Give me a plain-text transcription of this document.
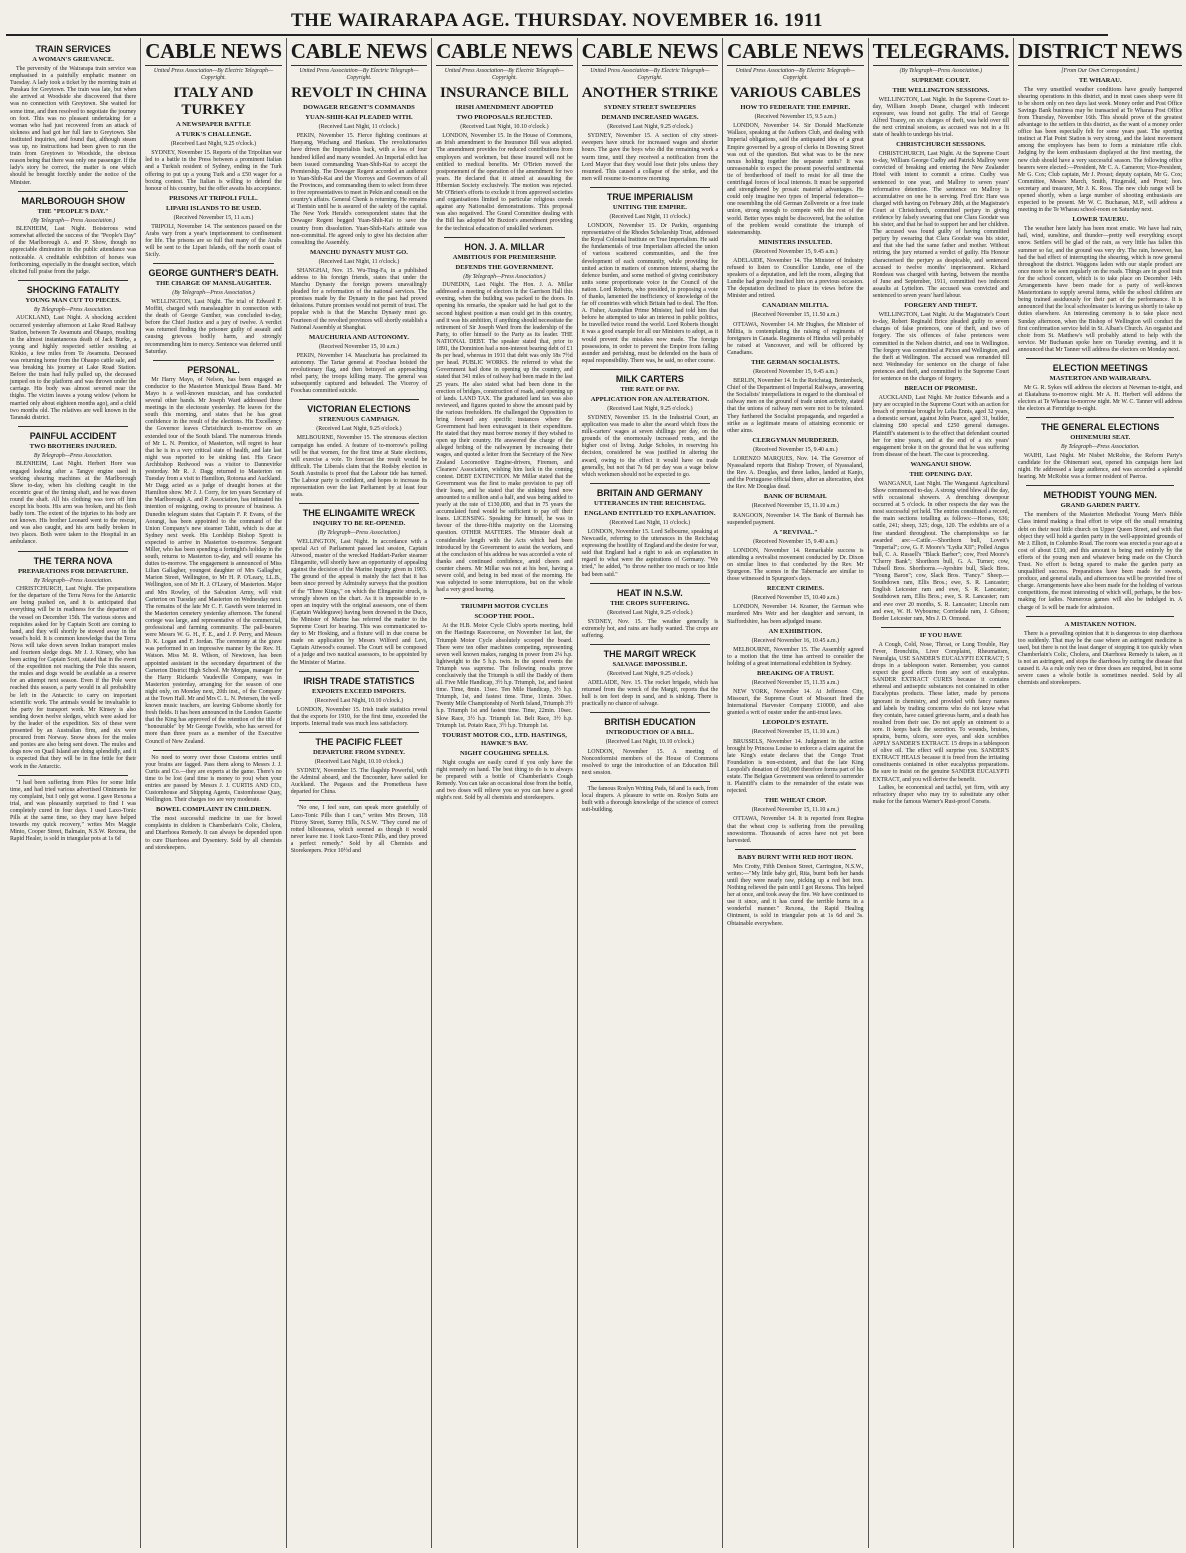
THE WAIRARAPA AGE. THURSDAY. NOVEMBER 16. 1911
TRAIN SERVICES
A WOMAN'S GRIEVANCE.
The perversity of the Wairarapa train service was emphasised in a painfully emphatic manner on Tuesday. A lady took a ticket by the morning train at Purakau for Greytown. The train was late, but when she arrived at Woodside she discovered that there was no connection with Greytown. She waited for some time, and then resolved to negotiate the journey on foot. This was no pleasant undertaking for a woman who had just recovered from an attack of sickness and had got her full fare to Greytown. She instituted inquiries, and found that, although steam was up, no instructions had been given to run the train from Greytown to Woodside, the obvious reason being that there was only one passenger. If the lady's story be correct, the matter is one which should be brought forcibly under the notice of the Minister.
MARLBOROUGH SHOW
THE "PEOPLE'S DAY."
(By Telegraph— Press Association.)
BLENHEIM, Last Night. Boisterous wind somewhat affected the success of the "People's Day" of the Marlborough A. and P. Show, though no appreciable diminution in the public attendance was noticeable. A creditable exhibition of horses was forthcoming, especially in the draught section, which elicited full praise from the judge.
SHOCKING FATALITY
YOUNG MAN CUT TO PIECES.
By Telegraph—Press Association.
AUCKLAND, Last Night. A shocking accident occurred yesterday afternoon at Lake Road Railway Station, between Te Awamutu and Ohaupo, resulting in the almost instantaneous death of Jack Burke, a young and highly respected settler residing at Kiokio, a few miles from Te Awamutu. Deceased was returning home from the Ohaupo cattle sale, and was breaking his journey at Lake Road Station. Before the train had fully pulled up, the deceased jumped on to the platform and was thrown under the carriage. His body was almost severed near the thighs. The victim leaves a young widow (whom he married only about eighteen months ago), and a child two months old. The relatives are well known in the Taranaki district.
PAINFUL ACCIDENT
TWO BROTHERS INJURED.
By Telegraph—Press Association.
BLENHEIM, Last Night. Herbert Hore was engaged looking after a Tangye engine used in working shearing machines at the Marlborough Show to-day, when his clothing caught in the eccentric gear of the timing shaft, and he was drawn round the shaft. All his clothing was torn off him except his boots. His arm was broken, and his flesh badly torn. The extent of the injuries to his body are not known. His brother Leonard went to the rescue, and was also caught, and his arm badly broken in two places. Both were taken to the Hospital in an ambulance.
THE TERRA NOVA
PREPARATIONS FOR DEPARTURE.
By Telegraph—Press Association.
CHRISTCHURCH, Last Night. The preparations for the departure of the Terra Nova for the Antarctic are being pushed on, and it is anticipated that everything will be in readiness for the departure of the vessel on December 15th. The various stores and requisites asked for by Captain Scott are coming to hand, and they will shortly be stowed away in the vessel's hold. It is common knowledge that the Terra Nova will take down seven Indian transport mules and fourteen sledge dogs. Mr J. J. Kinsey, who has been acting for Captain Scott, stated that in the event of the expedition not reaching the Pole this season, the mules and dogs would be available as a reserve for an attempt next season. Even if the Pole were reached this season, a party would in all probability be left in the Antarctic to carry on important scientific work. The animals would be invaluable to the party for transport work. Mr Kinsey is also sending down twelve sledges, which were asked for by the leader of the expedition. Six of these were presented by an Australian firm, and six were procured from Norway. Snow shoes for the mules and ponies are also being sent down. The mules and dogs now on Quail Island are doing splendidly, and it is expected that they will be in fine fettle for their work in the Antarctic.
"I had been suffering from Piles for some little time, and had tried various advertised Ointments for my complaint, but I only got worse. I gave Rexona a trial, and was pleasantly surprised to find I was completely cured in four days. I used Laxo-Tonic Pills at the same time, so they may have helped towards my quick recovery," writes Mrs Maggie Minto, Cooper Street, Balmain, N.S.W. Rexona, the Rapid Healer, is sold in triangular pots at 1s 6d
CABLE NEWS
United Press Association—By Electric Telegraph—Copyright.
ITALY AND TURKEY
A NEWSPAPER BATTLE
A TURK'S CHALLENGE.
(Received Last Night, 9.25 o'clock.)
SYDNEY, November 15. Reports of the Tripolitan war led to a battle in the Press between a prominent Italian and a Turkish resident of Sydney, ending in the Turk offering to put up a young Turk and a £50 wager for a boxing contest. The Italian is willing to defend the honour of his country, but the offer awaits his acceptance.
PRISONS AT TRIPOLI FULL.
LIPARI ISLANDS TO BE USED.
(Received November 15, 11 a.m.)
TRIPOLI, November 14. The sentences passed on the Arabs vary from a year's imprisonment to confinement for life. The prisons are so full that many of the Arabs will be sent to the Lipari Islands, off the north coast of Sicily.
GEORGE GUNTHER'S DEATH.
THE CHARGE OF MANSLAUGHTER.
(By Telegraph—Press Association.)
WELLINGTON, Last Night. The trial of Edward F. Moffitt, charged with manslaughter in connection with the death of George Gunther, was concluded to-day, before the Chief Justice and a jury of twelve. A verdict was returned finding the prisoner guilty of assault and causing grievous bodily harm, and strongly recommending him to mercy. Sentence was deferred until Saturday.
PERSONAL.
Mr Harry Mayo, of Nelson, has been engaged as conductor to the Masterton Municipal Brass Band. Mr Mayo is a well-known musician, and has conducted several other bands. Mr Joseph Ward addressed three meetings in the electorate yesterday. He leaves for the south this morning, and states that he has great confidence in the result of the elections. His Excellency the Governor leaves Christchurch to-morrow on an extended tour of the South Island. The numerous friends of Mr L. N. Prentice, of Masterton, will regret to hear that he is in a very critical state of health, and late last night was reported to be sinking fast. His Grace Archbishop Redwood was a visitor to Dannevirke yesterday. Mr R. J. Dagg returned to Masterton on Tuesday from a visit to Hamilton, Rotorua and Auckland. Mr Dagg acted as a judge of draught horses at the Hamilton show. Mr J. J. Corry, for ten years Secretary of the Marlborough A. and P. Association, has intimated his intention of resigning, owing to pressure of business. A Dunedin telegram states that Captain F. P. Evans, of the Aorangi, has been appointed to the command of the Union Company's new steamer Tahiti, which is due at Sydney next week. His Lordship Bishop Sprott is expected to arrive in Masterton to-morrow. Sergeant Miller, who has been spending a fortnight's holiday in the south, returns to Masterton to-day, and will resume his duties to-morrow. The engagement is announced of Miss Lilian Gallagher, youngest daughter of Mrs Gallagher, Marion Street, Wellington, to Mr H. P. O'Leary, LL.B., Wellington, son of Mr H. J. O'Leary, of Masterton. Major and Mrs Rowley, of the Salvation Army, will visit Carterton on Tuesday and Masterton on Wednesday next. The remains of the late Mr C. F. Gawith were interred in the Masterton cemetery yesterday afternoon. The funeral cortege was large, and representative of the commercial, professional and farming community. The pall-bearers were Messrs W. G. H., F. E., and J. P. Perry, and Messrs D. K. Logan and F. Jordan. The ceremony at the grave was performed in an impressive manner by the Rev. H. Watson. Miss M. R. Wilson, of Newtown, has been appointed assistant in the secondary department of the Carterton District High School. Mr Morgan, manager for the Harry Rickards Vaudeville Company, was in Masterton yesterday, arranging for the season of one night only, on Monday next, 20th inst., of the Company at the Town Hall. Mr and Mrs C. L. N. Petersen, the well-known music teachers, are leaving Gisborne shortly for fresh fields. It has been announced in the London Gazette that the King has approved of the retention of the title of "honourable" by Mr George Fowlds, who has served for more than three years as a member of the Executive Council of New Zealand.
No need to worry over those Customs entries until your brains are fagged. Pass them along to Messrs J. J. Curtis and Co.—they are experts at the game. There's no time to be lost (and time is money to you) when your entries are passed by Messrs J. J. CURTIS AND CO., Customhouse and Shipping Agents, Customhouse Quay, Wellington. Their charges too are very moderate.
BOWEL COMPLAINT IN CHILDREN.
The most successful medicine in use for bowel complaints in children is Chamberlain's Colic, Cholera, and Diarrhoea Remedy. It can always be depended upon to cure Diarrhoea and Dysentery. Sold by all chemists and storekeepers.
CABLE NEWS
United Press Association—By Electric Telegraph—Copyright.
REVOLT IN CHINA
DOWAGER REGENT'S COMMANDS
YUAN-SHIH-KAI PLEADED WITH.
(Received Last Night, 11 o'clock.)
PEKIN, November 15. Fierce fighting continues at Hanyang, Wuchang and Hankau. The revolutionaries have driven the Imperialists back, with a loss of four hundred killed and many wounded. An Imperial edict has been issued commanding Yuan-Shih-Kai to accept the Premiership. The Dowager Regent accorded an audience to Yuan-Shih-Kai and the Viceroys and Governors of all the Provinces, and commanding them to select from three to five representatives to meet in Pekin and consult on the country's affairs. General Chenk is returning. He remains at Tientsin until he is assured of the safety of the capital. The New York Herald's correspondent states that the Dowager Regent begged Yuan-Shih-Kai to save the country from dissolution. Yuan-Shih-Kai's attitude was non-committal. He agreed only to give his decision after consulting the Assembly.
MANCHU DYNASTY MUST GO.
(Received Last Night, 11 o'clock.)
SHANGHAI, Nov. 15. Wu-Ting-Fa, in a published address to his foreign friends, states that under the Manchu Dynasty the foreign powers unavailingly pleaded for a reformation of the national services. The promises made by the Dynasty in the past had proved delusions. Future promises would not permit of trust. The popular wish is that the Manchu Dynasty must go. Fourteen of the revolted provinces will shortly establish a National Assembly at Shanghai.
MAUCHURIA AND AUTONOMY.
(Received November 15, 10 a.m.)
PEKIN, November 14. Mauchuria has proclaimed its autonomy. The Tartar general at Foochau hoisted the revolutionary flag, and then betrayed an approaching rebel party, the troops killing many. The general was subsequently captured and beheaded. The Viceroy of Foochau committed suicide.
VICTORIAN ELECTIONS
STRENUOUS CAMPAIGN.
(Received Last Night, 9.25 o'clock.)
MELBOURNE, November 15. The strenuous election campaign has ended. A feature of to-morrow's polling will be that women, for the first time at State elections, will exercise a vote. To forecast the result would be difficult. The Liberals claim that the Rodsby election in South Australia is proof that the Labour tide has turned. The Labour party is confident, and hopes to increase its representation over the last Parliament by at least four seats.
THE ELINGAMITE WRECK
INQUIRY TO BE RE-OPENED.
(By Telegraph—Press Association.)
WELLINGTON, Last Night. In accordance with a special Act of Parliament passed last session, Captain Attwood, master of the wrecked Huddart-Parker steamer Elingamite, will shortly have an opportunity of appealing against the decision of the Marine Inquiry given in 1903. The ground of the appeal is mainly the fact that it has been since proved by Admiralty surveys that the position of the "Three Kings," on which the Elingamite struck, is wrongly shown on the chart. As it is impossible to re-open an inquiry with the original assessors, one of them (Captain Waldegrave) having been drowned in the Duco, the Minister of Marine has referred the matter to the Supreme Court for hearing. This was communicated to-day to Mr Hosking, and a fixture will in due course be made on application by Messrs Wilford and Levi, Captain Attwood's counsel. The Court will be composed of a judge and two nautical assessors, to be appointed by the Minister of Marine.
IRISH TRADE STATISTICS
EXPORTS EXCEED IMPORTS.
(Received Last Night, 10.10 o'clock.)
LONDON, November 15. Irish trade statistics reveal that the exports for 1910, for the first time, exceeded the imports. Internal trade was much less satisfactory.
THE PACIFIC FLEET
DEPARTURE FROM SYDNEY.
(Received Last Night, 10.10 o'clock.)
SYDNEY, November 15. The flagship Powerful, with the Admiral aboard, and the Encounter, have sailed for Auckland. The Pegasus and the Prometheus have departed for China.
"No one, I feel sure, can speak more gratefully of Laxo-Tonic Pills than I can," writes Mrs Brown, 118 Fitzroy Street, Surrey Hills, N.S.W. "They cured me of rotted biliousness, which seemed as though it would never leave me. I took Laxo-Tonic Pills, and they proved a perfect remedy." Sold by all Chemists and Storekeepers. Price 10½d and
CABLE NEWS
United Press Association—By Electric Telegraph—Copyright.
INSURANCE BILL
IRISH AMENDMENT ADOPTED
TWO PROPOSALS REJECTED.
(Received Last Night, 10.10 o'clock.)
LONDON, November 15. In the House of Commons, an Irish amendment to the Insurance Bill was adopted. The amendment provides for reduced contributions from employers and workmen, but these insured will not be entitled to medical benefits. Mr O'Brien moved the postponement of the operation of the amendment for two years. He declared that it aimed at assaulting the Hibernian Society exclusively. The motion was rejected. Mr O'Brien's efforts to exclude it from approved societies and organisations limited to particular religious creeds against any Nationalist demonstrations. This proposal was also negatived. The Grand Committee dealing with the Bill has adopted Mr Buxton's amendment providing for the technical education of unskilled workmen.
HON. J. A. MILLAR
AMBITIOUS FOR PREMIERSHIP.
DEFENDS THE GOVERNMENT.
(By Telegraph—Press Association.)
DUNEDIN, Last Night. The Hon. J. A. Millar addressed a meeting of electors in the Garrison Hall this evening, when the building was packed to the doors. In opening his remarks, the speaker said he had got to the second highest position a man could get in this country, and it was his ambition, if anything should necessitate the retirement of Sir Joseph Ward from the leadership of the Party, to offer himself to the Party as its leader. THE NATIONAL DEBT. The speaker stated that, prior to 1891, the Dominion had a non-interest bearing debt of £1 8s per head, whereas in 1911 that debt was only 18s 7½d per head. PUBLIC WORKS. He referred to what the Government had done in opening up the country, and stated that 341 miles of railway had been made in the last 25 years. He also stated what had been done in the erection of bridges, construction of roads, and opening up of lands. LAND TAX. The graduated land tax was also reviewed, and figures quoted to show the amount paid by the various freeholders. He challenged the Opposition to bring forward any specific instances where the Government had been extravagant in their expenditure. He stated that they must borrow money if they wished to open up their country. He answered the charge of the alleged bribing of the railwaymen by increasing their wages, and quoted a letter from the Secretary of the New Zealand Locomotive Engine-drivers, Firemen, and Cleaners' Association, wishing him luck in the coming contest. DEBT EXTINCTION. Mr Millar stated that the Government was the first to make provision to pay off their loans, and he stated that the sinking fund now amounted to a million and a half, and was being added to yearly at the rate of £130,000, and that in 75 years the accumulated fund would be sufficient to pay off their loans. LICENSING. Speaking for himself, he was in favour of the three-fifths majority on the Licensing question. OTHER MATTERS. The Minister dealt at considerable length with the Acts which had been introduced by the Government to assist the workers, and at the conclusion of his address he was accorded a vote of thanks and continued confidence, amid cheers and counter cheers. Mr Millar was not at his best, having a severe cold, and being in bed most of the morning. He was subjected to some interruptions, but on the whole had a very good hearing.
TRIUMPH MOTOR CYCLES
SCOOP THE POOL.
At the H.B. Motor Cycle Club's sports meeting, held on the Hastings Racecourse, on November 1st last, the Triumph Motor Cycle absolutely scooped the board. There were ten other machines competing, representing seven well known makes, ranging in power from 2¼ h.p. lightweight to the 5 h.p. twin. In the speed events the Triumph was supreme. The following results prove conclusively that the Triumph is still the Daddy of them all. Five Mile Handicap, 3½ h.p. Triumph, 1st, and fastest time. Time, 8min. 13sec. Ten Mile Handicap, 3½ h.p. Triumph, 1st, and fastest time. Time, 11min. 30sec. Twenty Mile Championship of North Island, Triumph 3½ h.p. Triumph 1st and fastest time. Time, 22min. 10sec. Slow Race, 3½ h.p. Triumph 1st. Belt Race, 3½ h.p. Triumph 1st. Potato Race, 3½ h.p. Triumph 1st.
TOURIST MOTOR CO., LTD. HASTINGS, HAWKE'S BAY.
NIGHT COUGHING SPELLS.
Night coughs are easily cured if you only have the right remedy on hand. The best thing to do is to always be prepared with a bottle of Chamberlain's Cough Remedy. You can take an occasional dose from the bottle, and two doses will relieve you so you can have a good night's rest. Sold by all chemists and storekeepers.
CABLE NEWS
United Press Association—By Electric Telegraph—Copyright.
ANOTHER STRIKE
SYDNEY STREET SWEEPERS
DEMAND INCREASED WAGES.
(Received Last Night, 9.25 o'clock.)
SYDNEY, November 15. A section of city street-sweepers have struck for increased wages and shorter hours. The gave the boys who did the remaining work a warm time, until they received a notification from the Lord Mayor that they would lose their jobs unless they resumed. This caused a collapse of the strike, and the men will resume to-morrow morning.
TRUE IMPERIALISM
UNITING THE EMPIRE.
(Received Last Night, 11 o'clock.)
LONDON, November 15. Dr Parkin, organising representative of the Rhodes Scholarship Trust, addressed the Royal Colonial Institute on True Imperialism. He said the fundamentals of true Imperialism affected the union of various scattered communities, and the free development of each community, while providing for united action in matters of common interest, sharing the defence burden, and some method of giving contributory units some proportionate voice in the Council of the nation. Lord Roberts, who presided, in proposing a vote of thanks, lamented the inefficiency of knowledge of the far off countries with which Britain had to deal. The Hon. A. Fisher, Australian Prime Minister, had told him that before he attempted to take an interest in public politics, he travelled twice round the world. Lord Roberts thought it was a good example for all our Ministers to adopt, as it would prevent the mistakes now made. The foreign possessions, in order to prevent the Empire from falling asunder and perishing, must be defended on the basis of equal responsibility. There was, he said, no other course.
MILK CARTERS
THE RATE OF PAY.
APPLICATION FOR AN ALTERATION.
(Received Last Night, 9.25 o'clock.)
SYDNEY, November 15. In the Industrial Court, an application was made to alter the award which fixes the milk-carters' wages at seven shillings per day, on the grounds of the enormously increased rents, and the higher cost of living. Judge Scholes, in reserving his decision, considered he was justified in altering the award, owing to the effect it would have on trade generally, but not that 7s 6d per day was a wage below which workmen should not be expected to go.
BRITAIN AND GERMANY
UTTERANCES IN THE REICHSTAG.
ENGLAND ENTITLED TO EXPLANATION.
(Received Last Night, 11 o'clock.)
LONDON, November 15. Lord Selbourne, speaking at Newcastle, referring to the utterances in the Reichstag expressing the hostility of England and the desire for war, said that England had a right to ask an explanation in regard to what were the aspirations of Germany. "We tried," he added, "to throw neither too much or too little bad been said."
HEAT IN N.S.W.
THE CROPS SUFFERING.
(Received Last Night, 9.25 o'clock.)
SYDNEY, Nov. 15. The weather generally is extremely hot, and rains are badly wanted. The crops are suffering.
THE MARGIT WRECK
SALVAGE IMPOSSIBLE.
(Received Last Night, 9.25 o'clock.)
ADELAIDE, Nov. 15. The rocket brigade, which has returned from the wreck of the Margit, reports that the hull is ten feet deep in sand, and is sinking. There is practically no chance of salvage.
BRITISH EDUCATION
INTRODUCTION OF A BILL.
(Received Last Night, 10.10 o'clock.)
LONDON, November 15. A meeting of Nonconformist members of the House of Commons resolved to urge the introduction of an Education Bill next session.
The famous Roslyn Writing Pads, 6d and 1s each, from local drapers. A pleasure to write on. Roslyn Suits are built with a thorough knowledge of the science of correct suit-building.
CABLE NEWS
United Press Association—By Electric Telegraph—Copyright.
VARIOUS CABLES
HOW TO FEDERATE THE EMPIRE.
(Received November 15, 9.5 a.m.)
LONDON, November 14. Sir Donald MacKenzie Wallace, speaking at the Authors Club, and dealing with Imperial obligations, said the antiquated idea of a great Empire governed by a group of clerks in Downing Street was out of the question. But what was to be the new nexus holding together the separate units? It was unreasonable to expect the present powerful sentimental tie of brotherhood of itself to resist for all time the centrifugal forces of local interests. It must be supported and strengthened by prosaic material advantages. He could only imagine two types of Imperial federation—one resembling the old German Zollverein or a free trade union, strong enough to compete with the rest of the world. Better types might be discovered, but the solution of the problem would constitute the triumph of statesmanship.
MINISTERS INSULTED.
(Received November 15, 9.45 a.m.)
ADELAIDE, November 14. The Minister of Industry refused to listen to Councillor Lundie, one of the speakers of a deputation, and left the room, alleging that Lundie had grossly insulted him on a previous occasion. The deputation declined to place its views before the Minister and retired.
CANADIAN MILITIA.
(Received November 15, 11.50 a.m.)
OTTAWA, November 14. Mr Hughes, the Minister of Militia, is contemplating the raising of regiments of foreigners in Canada. Regiments of Hindus will probably be raised at Vancouver, and will be officered by Canadians.
THE GERMAN SOCIALISTS.
(Received November 15, 9.45 a.m.)
BERLIN, November 14. In the Reichstag, Bentenbeck, Chief of the Department of Imperial Railways, answering the Socialists' interpellations in regard to the dismissal of railway men on the ground of trade union activity, stated that the unions of railway men were not to be tolerated. They furthered the Socialist propaganda, and regarded a strike as a legitimate means of attaining economic or other aims.
CLERGYMAN MURDERED.
(Received November 15, 9.40 a.m.)
LORENZO MARQUES, Nov. 14. The Governor of Nyassaland reports that Bishop Trower, of Nyassaland, the Rev. A. Douglas, and three ladies, landed at Kanjo, and the Portuguese official there, after an altercation, shot the Rev. Mr Douglas dead.
BANK OF BURMAH.
(Received November 15, 11.10 a.m.)
RANGOON, November 14. The Bank of Burmah has suspended payment.
A "REVIVAL."
(Received November 15, 9.40 a.m.)
LONDON, November 14. Remarkable success is attending a revivalist movement conducted by Dr. Dixon on similar lines to that conducted by the Rev. Mr Spurgeon. The scenes in the Tabernacle are similar to those witnessed in Spurgeon's days.
RECENT CRIMES.
(Received November 15, 10.40 a.m.)
LONDON, November 14. Kramer, the German who murdered Mrs Weir and her daughter and servant, in Staffordshire, has been adjudged insane.
AN EXHIBITION.
(Received November 16, 10.45 a.m.)
MELBOURNE, November 15. The Assembly agreed to a motion that the time has arrived to consider the holding of a great international exhibition in Sydney.
BREAKING OF A TRUST.
(Received November 15, 11.35 a.m.)
NEW YORK, November 14. At Jefferson City, Missouri, the Supreme Court of Missouri fined the International Harvester Company £10000, and also granted a writ of ouster under the anti-trust laws.
LEOPOLD'S ESTATE.
(Received November 15, 11.10 a.m.)
BRUSSELS, November 14. Judgment in the action brought by Princess Louise to enforce a claim against the late King's estate declares that the Congo Trust Foundation is non-existent, and that the late King Leopold's donation of £60,000 therefore forms part of his estate. The Belgian Government was ordered to surrender it. Plaintiff's claim to the remainder of the estate was rejected.
THE WHEAT CROP.
(Received November 15, 11.10 a.m.)
OTTAWA, November 14. It is reported from Regina that the wheat crop is suffering from the prevailing snowstorms. Thousands of acres have not yet been harvested.
BABY BURNT WITH RED HOT IRON.
Mrs Crotty, Fifth Denison Street, Carrington, N.S.W., writes:—"My little baby girl, Rita, burnt both her hands until they were nearly raw, picking up a red hot iron. Nothing relieved the pain until I got Rexona. This helped her at once, and took away the fire. We have continued to use it since, and it has cured the terrible burns in a wonderful manner." Rexona, the Rapid Healing Ointment, is sold in triangular pots at 1s 6d and 3s. Obtainable everywhere.
TELEGRAMS.
(By Telegraph—Press Association.)
SUPREME COURT.
THE WELLINGTON SESSIONS.
WELLINGTON, Last Night. In the Supreme Court to-day, William Joseph Deane, charged with indecent exposure, was found not guilty. The trial of George Alfred Tracey, on six charges of theft, was held over till the next criminal sessions, as accused was not in a fit state of health to undergo his trial.
CHRISTCHURCH SESSIONS.
CHRISTCHURCH, Last Night. At the Supreme Court to-day, William George Cudby and Patrick Mallroy were convicted of breaking and entering the New Zealander Hotel with intent to commit a crime. Cudby was sentenced to one year, and Mallroy to seven years' reformative detention. The sentence on Mallroy is accumulative on one he is serving. Fred Eric Hare was charged with having on February 28th, at the Magistrate's Court at Christchurch, committed perjury in giving evidence by falsely swearing that one Clara Goodair was his sister, and that he had to support her and her children. The accused was found guilty of having committed perjury by swearing that Clara Goodair was his sister, and that she had the same father and mother. Without retiring, the jury returned a verdict of guilty. His Honour characterised the perjury as despicable, and sentenced accused to twelve months' imprisonment. Richard Rondeau was charged with having, between the months of June and September, 1911, committed two indecent assaults at Lyttelton. The accused was convicted and sentenced to seven years' hard labour.
FORGERY AND THEFT.
WELLINGTON, Last Night. At the Magistrate's Court to-day, Robert Reginald Brice pleaded guilty to seven charges of false pretences, one of theft, and two of forgery. The six offences of false pretences were committed in the Nelson district, and one in Wellington. The forgery was committed at Picton and Wellington, and the theft at Wellington. The accused was remanded till next Wednesday for sentence on the charge of false pretences and theft, and committed to the Supreme Court for sentence on the charges of forgery.
BREACH OF PROMISE.
AUCKLAND, Last Night. Mr Justice Edwards and a jury are occupied in the Supreme Court with an action for breach of promise brought by Lelia Ennis, aged 32 years, a domestic servant, against John Pearce, aged 31, builder, claiming £80 special and £250 general damages. Plaintiff's statement is to the effect that defendant courted her for nine years, and at the end of a six years' engagement broke it on the ground that he was suffering from disease of the heart. The case is proceeding.
WANGANUI SHOW.
THE OPENING DAY.
WANGANUI, Last Night. The Wanganui Agricultural Show commenced to-day. A strong wind blew all the day, with occasional showers. A drenching downpour occurred at 5 o'clock. In other respects the day was the most successful yet held. The entries constituted a record, the main sections totalling as follows:—Horses, 636; cattle, 241; sheep, 325; dogs, 120. The exhibits are of a fine standard throughout. The championships so far awarded are:—Cattle.—Shorthorn bull, Lovett's "Imperial"; cow, G. F. Moore's "Lydia XII"; Polled Angus bull, C. A. Russell's "Black Barber"; cow, Fred Moore's "Cherry Bank"; Shorthorn bull, G. A. Turner; cow, Tubsell Bros. Shorthorns.—Ayrshire bull, Slack Bros. "Young Baron"; cow, Slack Bros. "Fancy." Sheep.—Southdown ram, Ellis Bros.; ewe, S. R. Lancaster; English Leicester ram and ewe, S. R. Lancaster; Southdown ram, Ellis Bros.; ewe, S. R. Lancaster; ram and ewe over 20 months, S. R. Lancaster; Lincoln ram and ewe, W. H. Wybourne; Corriedale ram, J. Gibson; Border Leicester ram, Mrs J. D. Ormond.
IF YOU HAVE
A Cough, Cold, Nose, Throat, or Lung Trouble, Hay Fever, Bronchitis, Liver Complaint, Rheumatism, Neuralgia, USE SANDER'S EUCALYPTI EXTRACT; 5 drops in a tablespoon water. Remember, you cannot expect the good effects from any sort of eucalyptus. SANDER EXTRACT CURES because it contains ethereal and antiseptic substances not contained in other Eucalyptus products. These latter, made by persons ignorant in chemistry, and provided with fancy names and labels by trading concerns who do not know what they contain, have caused grievous harm, and a death has resulted from their use. Do not apply an ointment to a sore. It keeps back the secretion. To wounds, bruises, sprains, burns, ulcers, sore eyes, and skin scrubbes APPLY SANDER'S EXTRACT. 15 drops in a tablespoon of olive oil. The effect will surprise you. SANDER'S EXTRACT HEALS because it is freed from the irritating constituents contained in other eucalyptus preparations. Be sure to insist on the genuine SANDER EUCALYPTI EXTRACT, and you will derive the benefit.
Ladies, be economical and tactful, yet firm, with any refractory draper who may try to substitute any other make for the famous Warner's Rust-proof Corsets.
DISTRICT NEWS
[From Our Own Correspondent.]
TE WHARAU.
The very unsettled weather conditions have greatly hampered shearing operations in this district, and in most cases sheep were fit to be shorn only on two days last week. Money order and Post Office Savings Bank business may be transacted at Te Wharau Post Office from Thursday, November 16th. This should prove of the greatest advantage to the settlers in this district, as the want of a money order office has been especially felt for some years past. The sporting instinct at Flat Point Station is very strong, and the latest movement among the employees has been to form a miniature rifle club. Judging by the keen enthusiasm displayed at the first meeting, the new club should have a very successful season. The following office bearers were elected:—President, Mr C. A. Cameron; Vice-President, Mr G. Cox; Club captain, Mr J. Proust; deputy captain, Mr G. Cox; Committee, Messrs March, Smith, Fitzgerald, and Prout; hon. secretary and treasurer, Mr J. K. Ross. The new club range will be opened shortly, when a large number of shooting enthusiasts are expected to be present. Mr W. C. Buchanan, M.P., will address a meeting in the Te Wharau school-room on Saturday next.
LOWER TAUERU.
The weather here lately has been most erratic. We have had rain, hail, wind, sunshine, and thunder—pretty well everything except snow. Settlers will be glad of the rain, as very little has fallen this summer so far, and the ground was very dry. The rain, however, has had the bad effect of interrupting the shearing, which is now general throughout the district. Waggons laden with our staple product are once more to be seen regularly on the roads. Things are in good train for the school concert, which is to take place on December 14th. Arrangements have been made for a party of well-known Mastertonians to supply several items, while the school children are being trained assiduously for their part of the performance. It is announced that the local schoolmaster is leaving us shortly to take up duties elsewhere. An interesting ceremony is to take place next Sunday afternoon, when the Bishop of Wellington will conduct the first confirmation service held in St. Alban's Church. An organist and choir from St. Matthew's will probably attend to help with the service. Mr Buchanan spoke here on Tuesday evening, and it is announced that Mr Tanner will address the electors on Monday next.
ELECTION MEETINGS
MASTERTON AND WAIRARAPA.
Mr G. R. Sykes will address the electors at Newman to-night, and at Ekatahuna to-morrow night. Mr A. H. Herbert will address the electors at Te Wharau to-morrow night. Mr W. C. Tanner will address the electors at Fernridge to-night.
THE GENERAL ELECTIONS
OHINEMURI SEAT.
By Telegraph—Press Association.
WAIHI, Last Night. Mr Nisbet McRobie, the Reform Party's candidate for the Ohinemuri seat, opened his campaign here last night. He addressed a large audience, and was accorded a splendid hearing. Mr McRobie was a former resident of Paeroa.
METHODIST YOUNG MEN.
GRAND GARDEN PARTY.
The members of the Masterton Methodist Young Men's Bible Class intend making a final effort to wipe off the small remaining debt on their neat little church on Upper Queen Street, and with that object they will hold a garden party in the well-appointed grounds of Mr J. Elliott, in Columbo Road. The room was erected a year ago at a cost of about £130, and this amount is being met entirely by the efforts of the young men and whatever being made on the Church Trust. No effort is being spared to make the garden party an unqualified success. Preparations have been made for sweets, produce, and general stalls, and afternoon tea will be provided free of charge. Arrangements have also been made for the holding of various competitions, the most interesting of which will, perhaps, be the box-making for ladies. Numerous games will also be indulged in. A charge of 1s will be made for admission.
A MISTAKEN NOTION.
There is a prevailing opinion that it is dangerous to stop diarrhoea too suddenly. That may be the case where an astringent medicine is used, but there is not the least danger of stopping it too quickly when Chamberlain's Colic, Cholera, and Diarrhoea Remedy is taken, as it is not an astringent, and stops the diarrhoea by curing the disease that caused it. As a rule only two or three doses are required, but in some severe cases a whole bottle is sometimes needed. Sold by all chemists and storekeepers.
